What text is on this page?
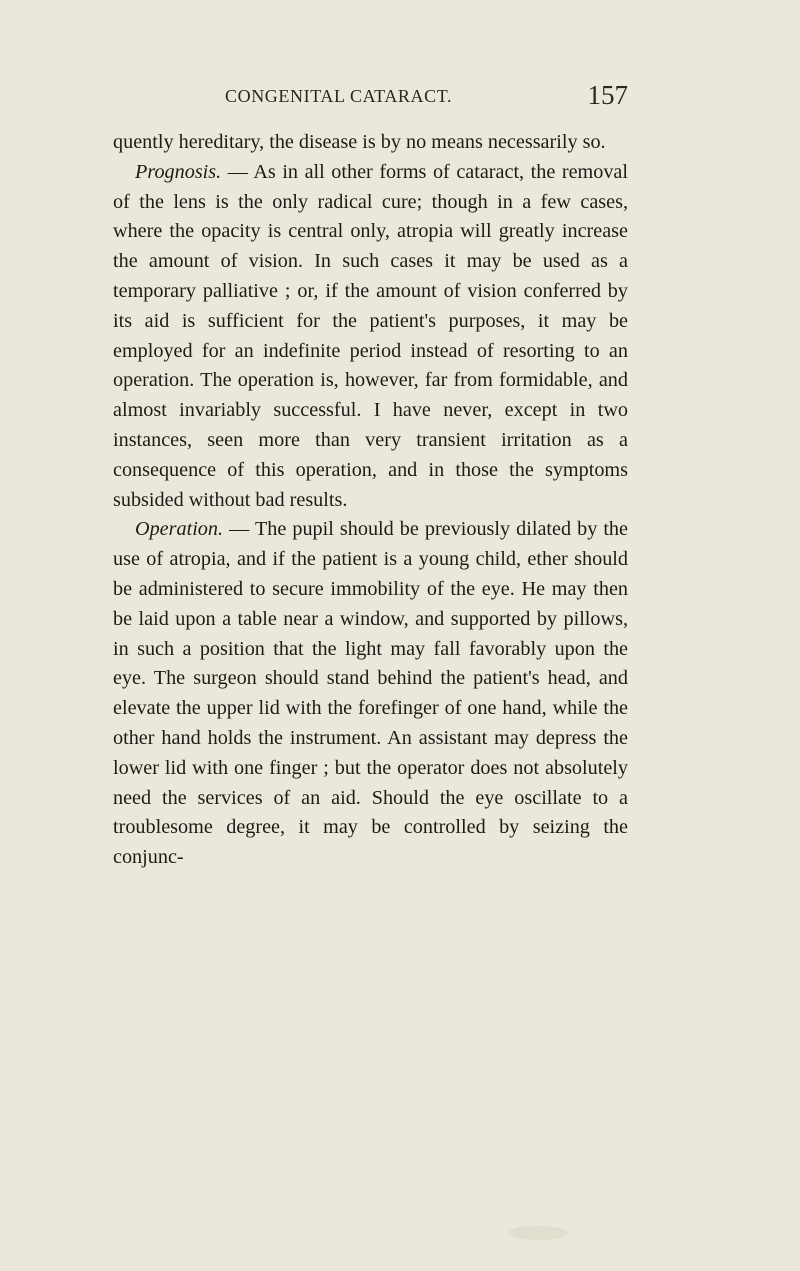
CONGENITAL CATARACT.	157

quently hereditary, the disease is by no means necessarily so.

Prognosis. — As in all other forms of cataract, the removal of the lens is the only radical cure; though in a few cases, where the opacity is central only, atropia will greatly increase the amount of vision. In such cases it may be used as a temporary palliative ; or, if the amount of vision conferred by its aid is sufficient for the patient's purposes, it may be employed for an indefinite period instead of resorting to an operation. The operation is, however, far from formidable, and almost invariably successful. I have never, except in two instances, seen more than very transient irritation as a consequence of this operation, and in those the symptoms subsided without bad results.

Operation. — The pupil should be previously dilated by the use of atropia, and if the patient is a young child, ether should be administered to secure immobility of the eye. He may then be laid upon a table near a window, and supported by pillows, in such a position that the light may fall favorably upon the eye. The surgeon should stand behind the patient's head, and elevate the upper lid with the forefinger of one hand, while the other hand holds the instrument. An assistant may depress the lower lid with one finger ; but the operator does not absolutely need the services of an aid. Should the eye oscillate to a troublesome degree, it may be controlled by seizing the conjunc-
